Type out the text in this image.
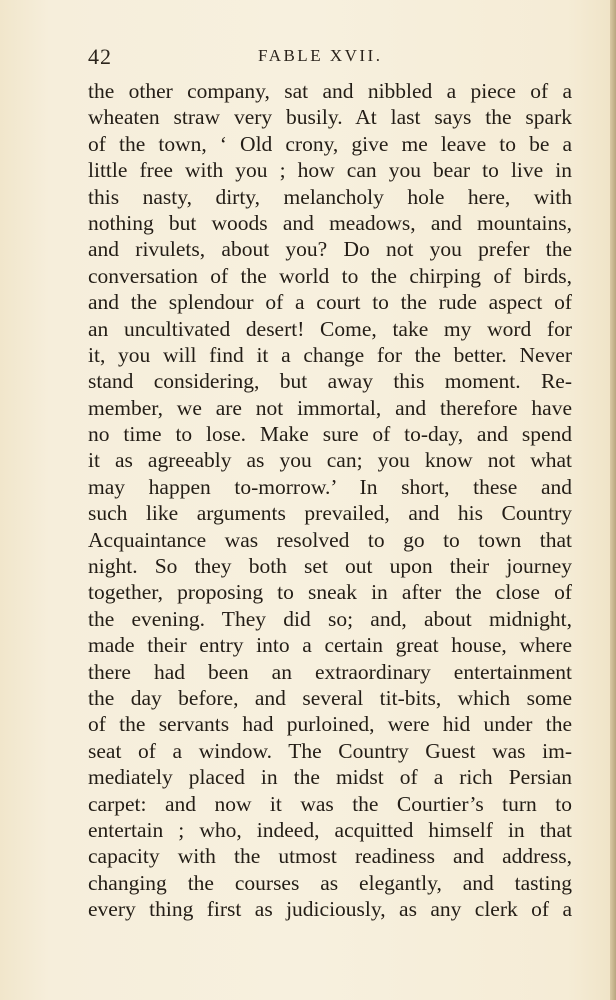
42	FABLE XVII.
the other company, sat and nibbled a piece of a
wheaten straw very busily. At last says the spark
of the town, ‘ Old crony, give me leave to be a
little free with you ; how can you bear to live in
this nasty, dirty, melancholy hole here, with
nothing but woods and meadows, and mountains,
and rivulets, about you? Do not you prefer the
conversation of the world to the chirping of birds,
and the splendour of a court to the rude aspect of
an uncultivated desert! Come, take my word for
it, you will find it a change for the better. Never
stand considering, but away this moment. Re-
member, we are not immortal, and therefore have
no time to lose. Make sure of to-day, and spend
it as agreeably as you can; you know not what
may happen to-morrow.’ In short, these and
such like arguments prevailed, and his Country
Acquaintance was resolved to go to town that
night. So they both set out upon their journey
together, proposing to sneak in after the close of
the evening. They did so; and, about midnight,
made their entry into a certain great house, where
there had been an extraordinary entertainment
the day before, and several tit-bits, which some
of the servants had purloined, were hid under the
seat of a window. The Country Guest was im-
mediately placed in the midst of a rich Persian
carpet: and now it was the Courtier’s turn to
entertain ; who, indeed, acquitted himself in that
capacity with the utmost readiness and address,
changing the courses as elegantly, and tasting
every thing first as judiciously, as any clerk of a
